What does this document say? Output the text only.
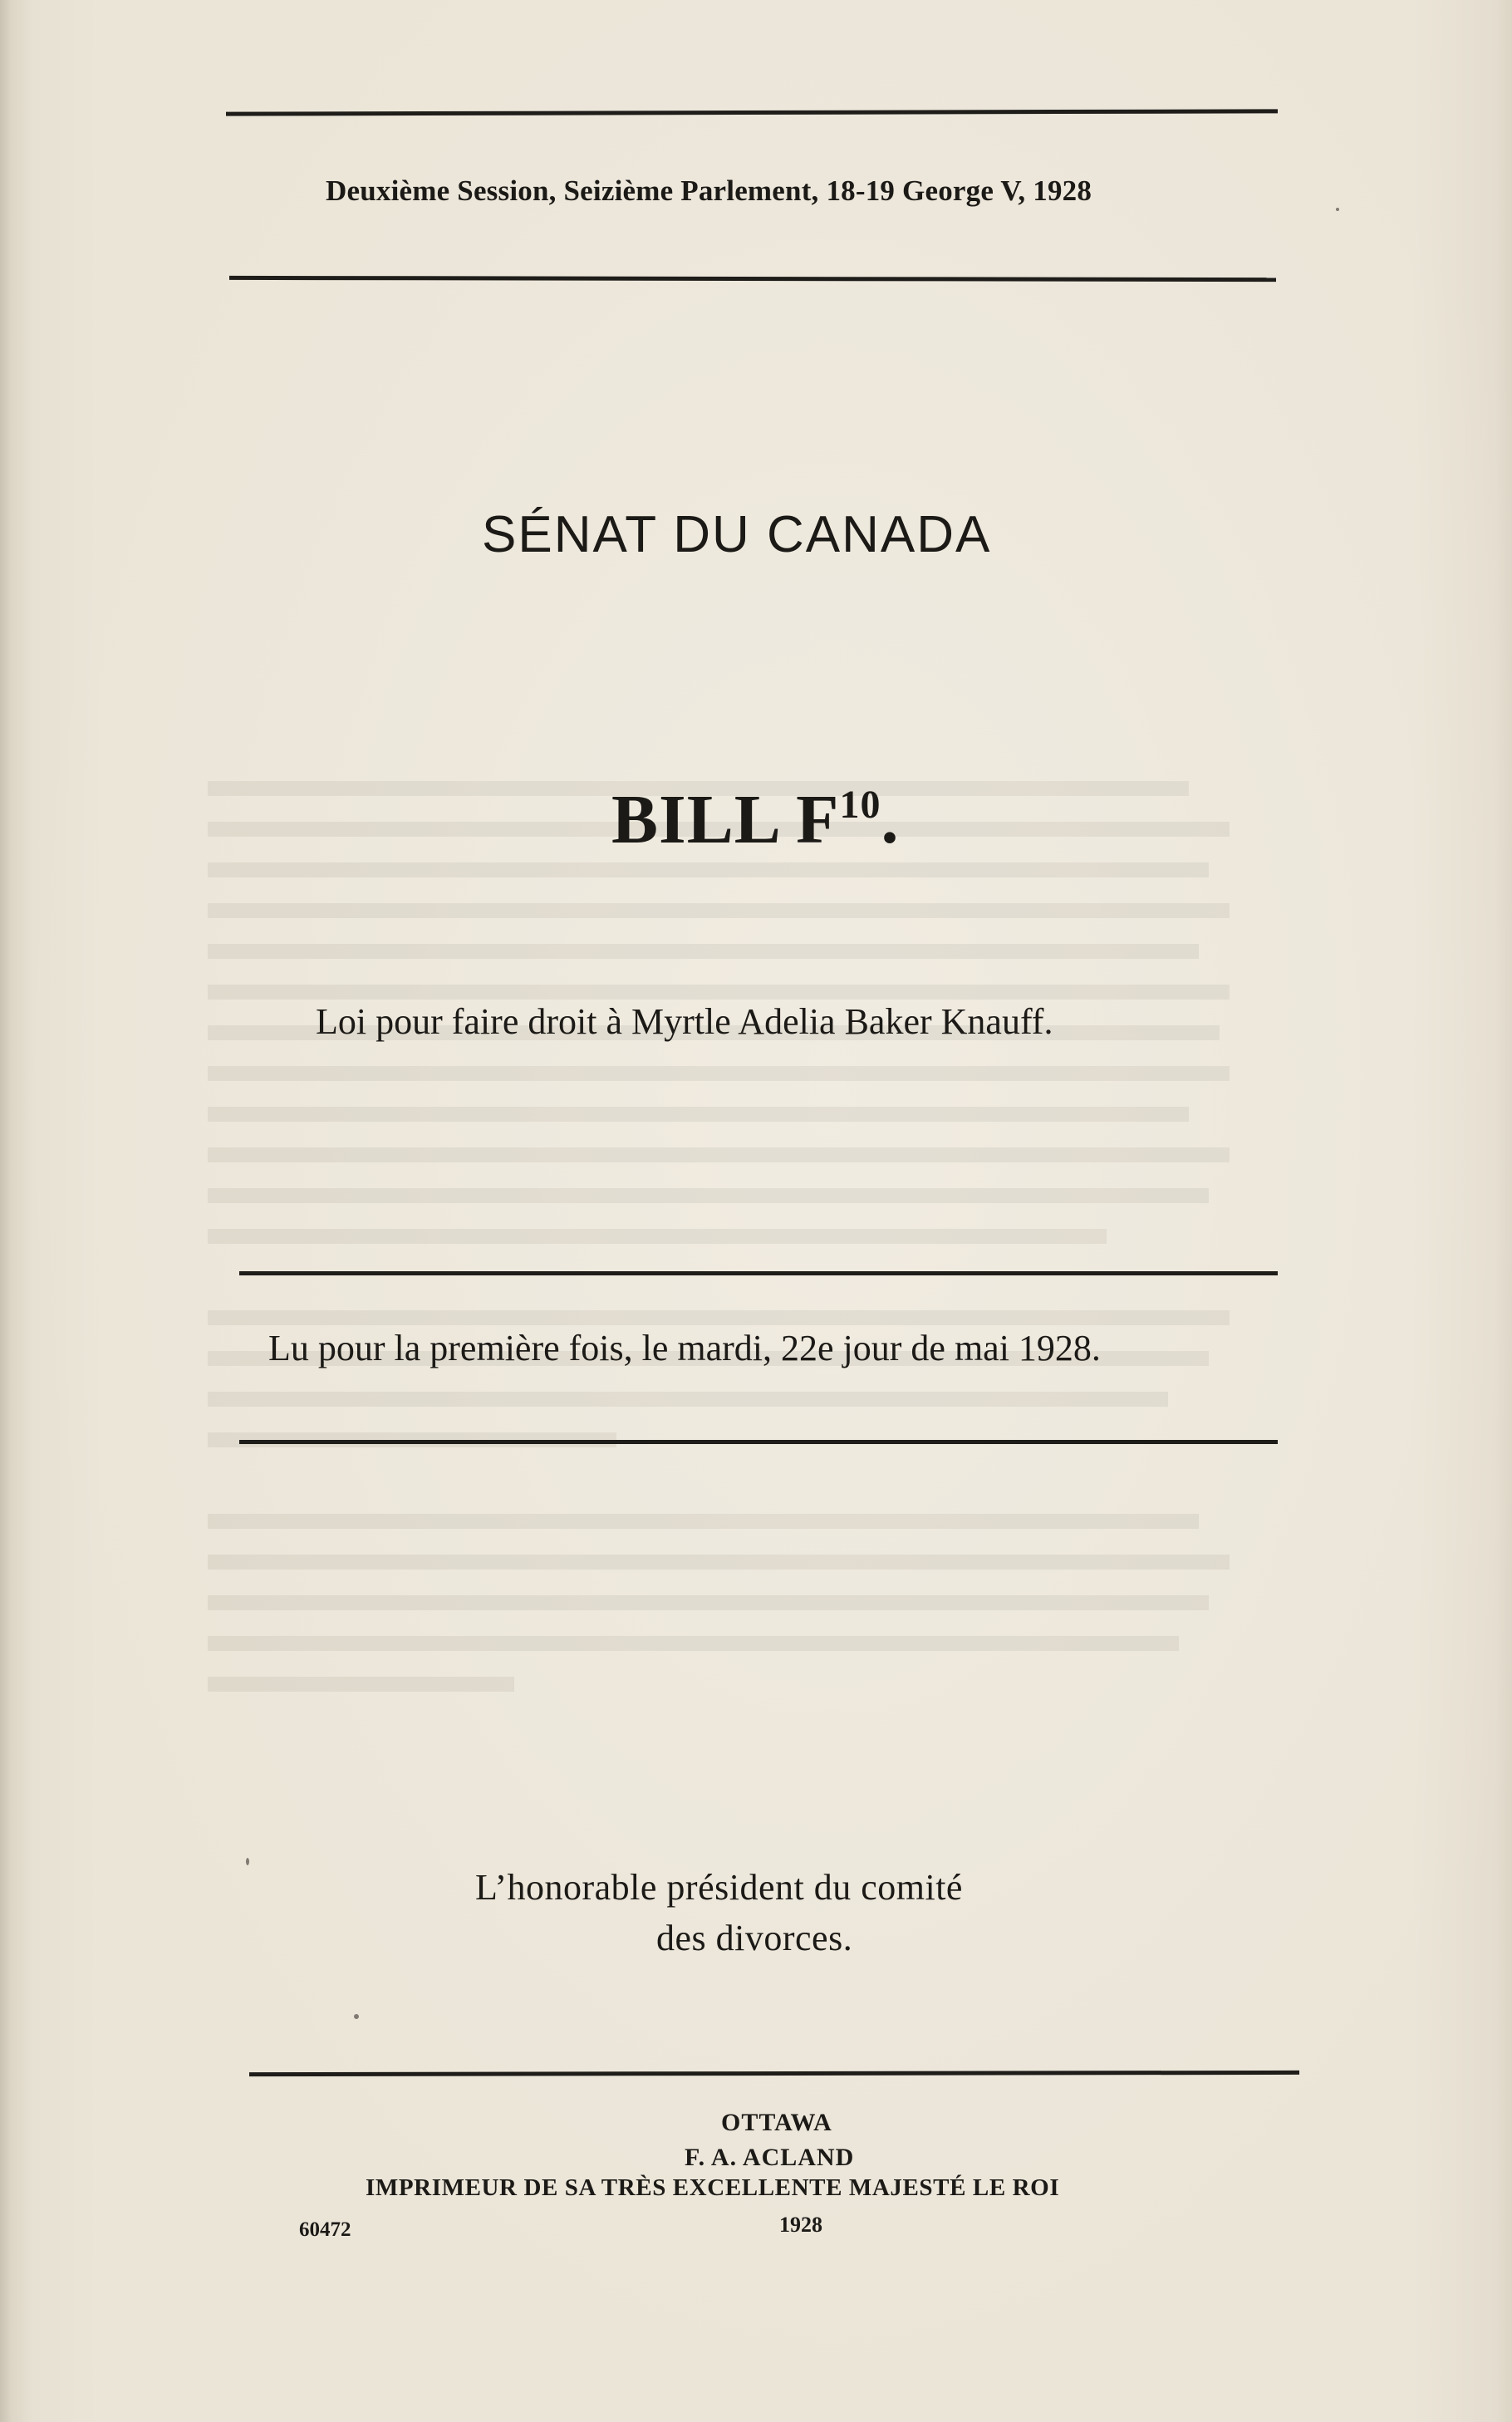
Deuxième Session, Seizième Parlement, 18-19 George V, 1928
SÉNAT DU CANADA
BILL $F^{10}$.
Loi pour faire droit à Myrtle Adelia Baker Knauff.
Lu pour la première fois, le mardi, 22e jour de mai 1928.
L’honorable président du comité
des divorces.
OTTAWA
F. A. ACLAND
IMPRIMEUR DE SA TRÈS EXCELLENTE MAJESTÉ LE ROI
60472	1928
